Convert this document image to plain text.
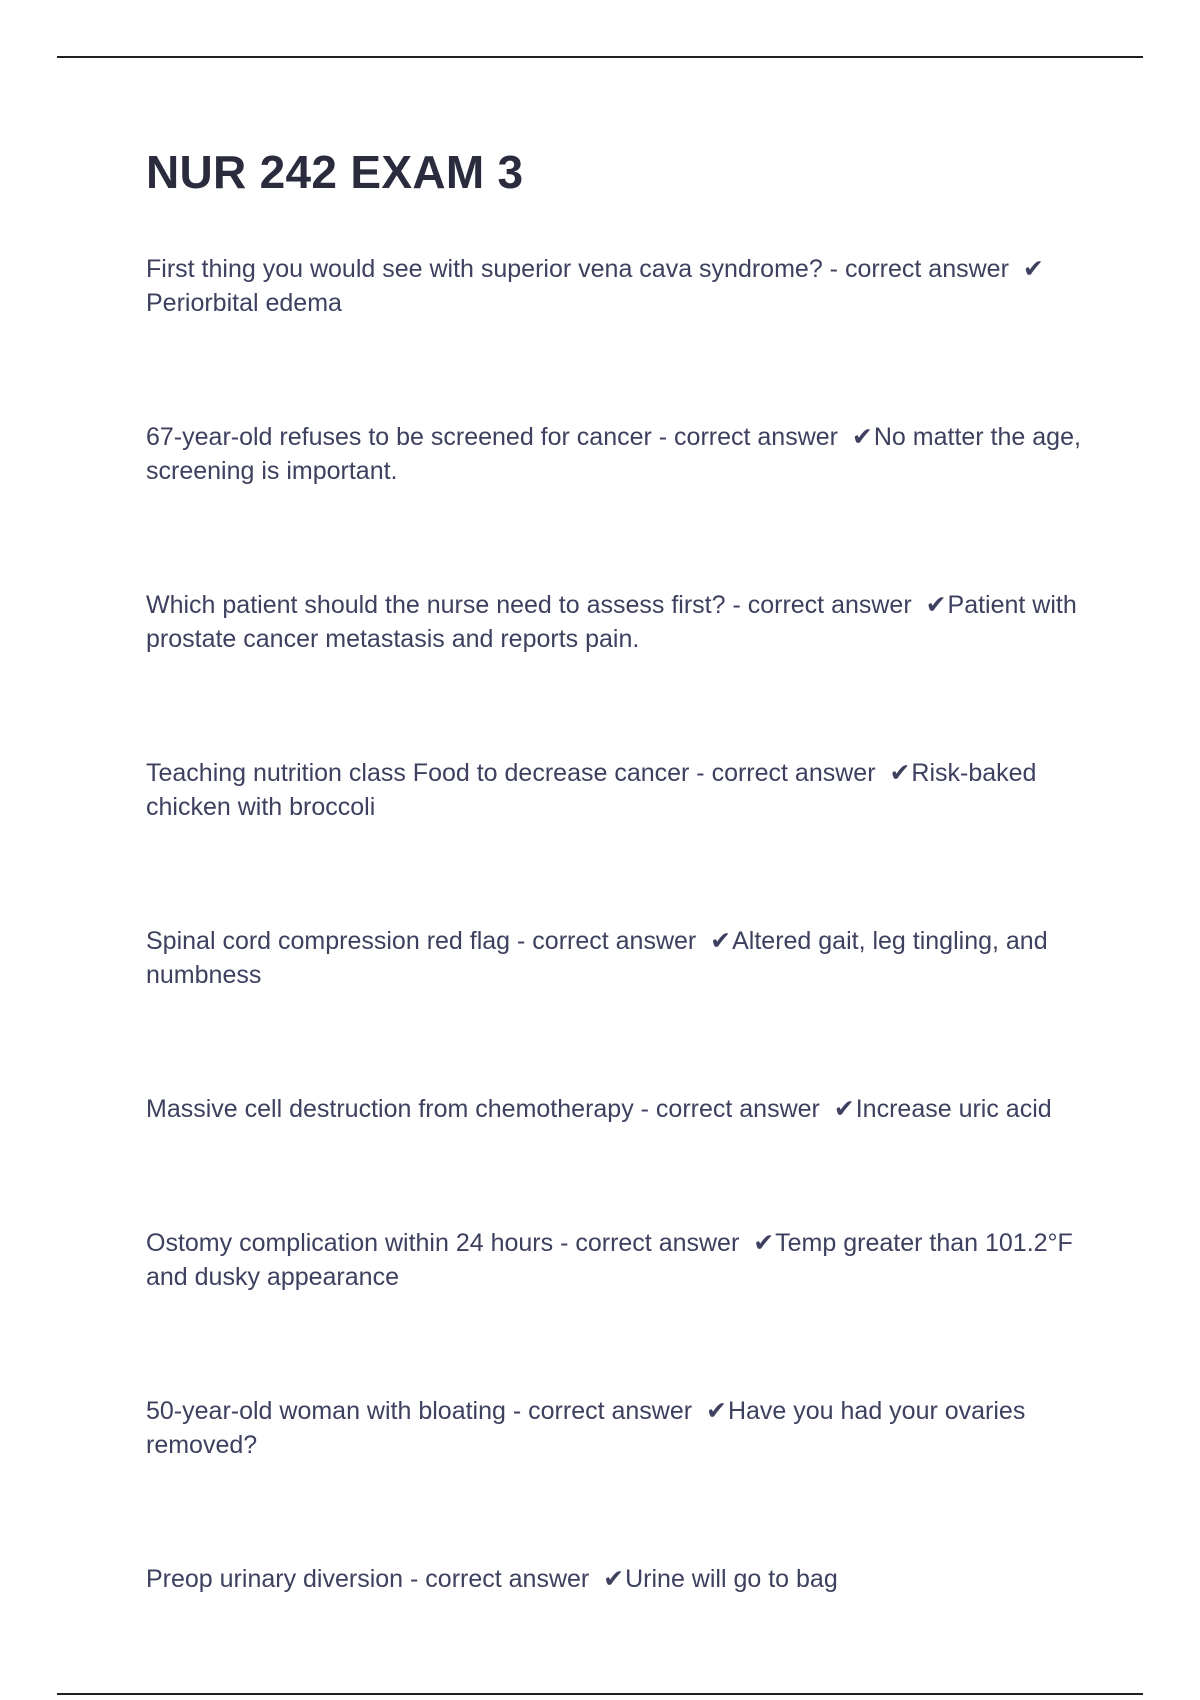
NUR 242 EXAM 3
First thing you would see with superior vena cava syndrome? - correct answer ✔Periorbital edema
67-year-old refuses to be screened for cancer - correct answer ✔No matter the age, screening is important.
Which patient should the nurse need to assess first? - correct answer ✔Patient with prostate cancer metastasis and reports pain.
Teaching nutrition class Food to decrease cancer - correct answer ✔Risk-baked chicken with broccoli
Spinal cord compression red flag - correct answer ✔Altered gait, leg tingling, and numbness
Massive cell destruction from chemotherapy - correct answer ✔Increase uric acid
Ostomy complication within 24 hours - correct answer ✔Temp greater than 101.2°F and dusky appearance
50-year-old woman with bloating - correct answer ✔Have you had your ovaries removed?
Preop urinary diversion - correct answer ✔Urine will go to bag
